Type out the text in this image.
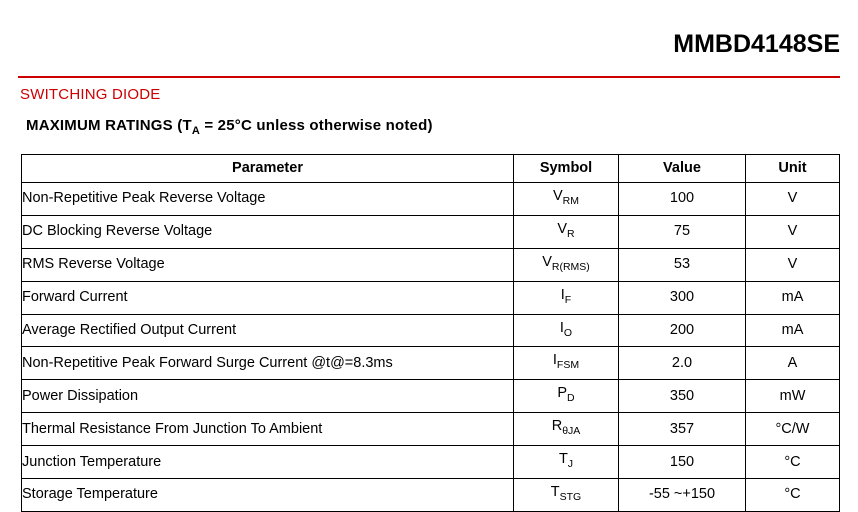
MMBD4148SE
SWITCHING DIODE
MAXIMUM RATINGS ($T_A = 25^\circ C$ unless otherwise noted)
Parameter	Symbol	Value	Unit
Non-Repetitive Peak Reverse Voltage	$V_{RM}$	100	V
DC Blocking Reverse Voltage	$V_R$	75	V
RMS Reverse Voltage	$V_{R(RMS)}$	53	V
Forward Current	$I_F$	300	mA
Average Rectified Output Current	$I_O$	200	mA
Non-Repetitive Peak Forward Surge Current @t@=8.3ms	$I_{FSM}$	2.0	A
Power Dissipation	$P_D$	350	mW
Thermal Resistance From Junction To Ambient	$R_{\theta JA}$	357	°C/W
Junction Temperature	$T_J$	150	°C
Storage Temperature	$T_{STG}$	-55 ~+150	°C
